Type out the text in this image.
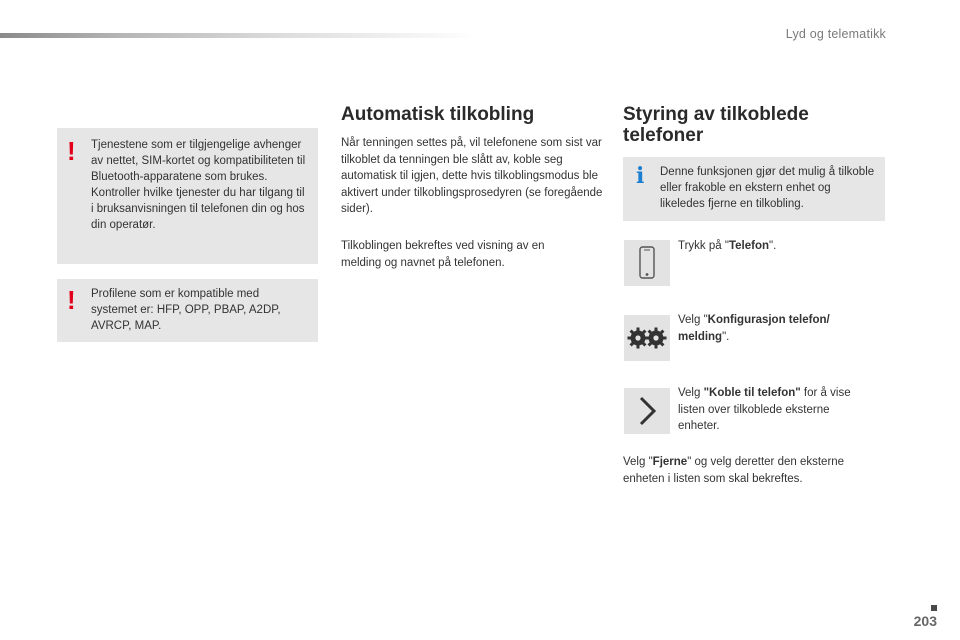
Lyd og telematikk
! Tjenestene som er tilgjengelige avhenger av nettet, SIM-kortet og kompatibiliteten til Bluetooth-apparatene som brukes. Kontroller hvilke tjenester du har tilgang til i bruksanvisningen til telefonen din og hos din operatør.
! Profilene som er kompatible med systemet er: HFP, OPP, PBAP, A2DP, AVRCP, MAP.
Automatisk tilkobling

Når tenningen settes på, vil telefonene som sist var tilkoblet da tenningen ble slått av, koble seg automatisk til igjen, dette hvis tilkoblingsmodus ble aktivert under tilkoblingsprosedyren (se foregående sider).

Tilkoblingen bekreftes ved visning av en melding og navnet på telefonen.

Styring av tilkoblede
telefoner
i Denne funksjonen gjør det mulig å tilkoble eller frakoble en ekstern enhet og likeledes fjerne en tilkobling.
Trykk på "Telefon".
Velg "Konfigurasjon telefon/ melding".
Velg "Koble til telefon" for å vise listen over tilkoblede eksterne enheter.
Velg "Fjerne" og velg deretter den eksterne enheten i listen som skal bekreftes.
203
